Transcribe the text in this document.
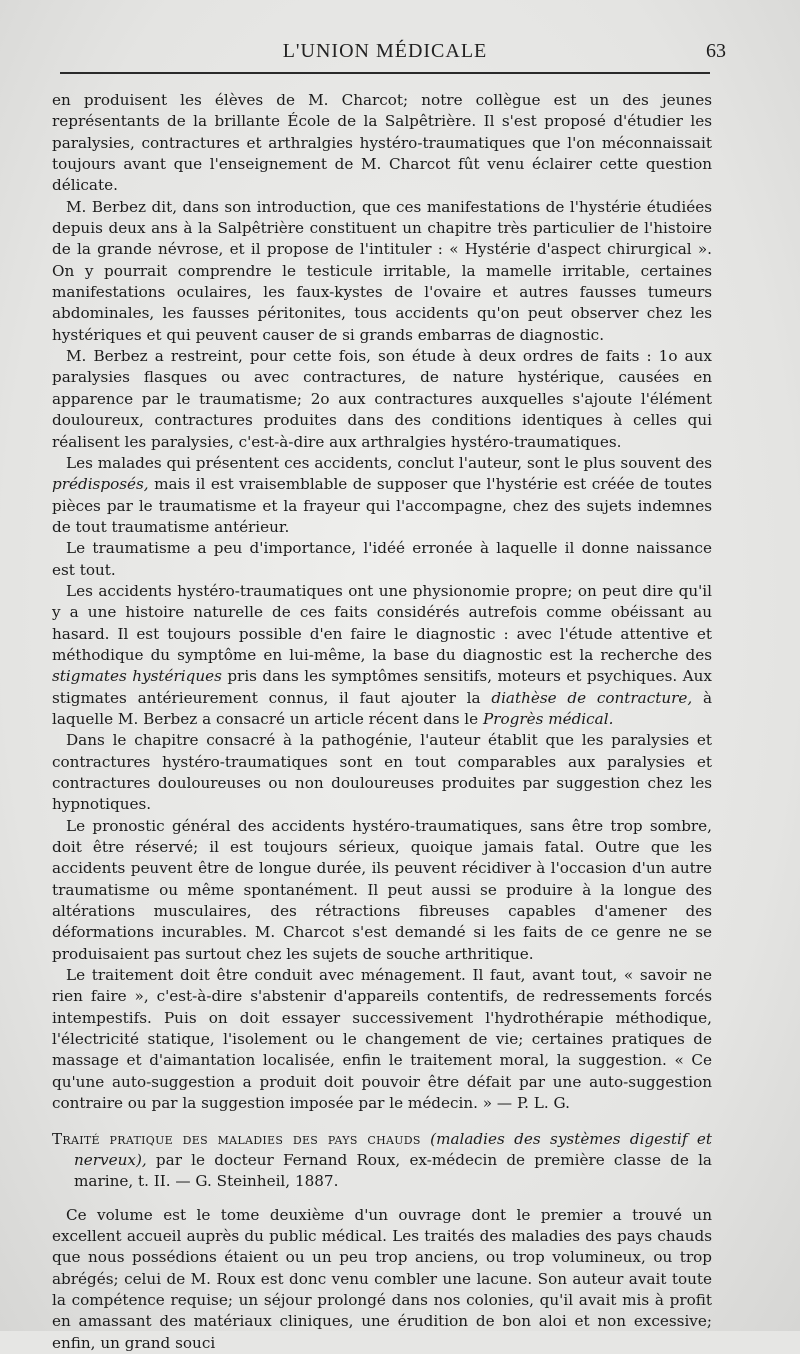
L'UNION MÉDICALE	63

en produisent les élèves de M. Charcot; notre collègue est un des jeunes représentants de la brillante École de la Salpêtrière. Il s'est proposé d'étudier les paralysies, contractures et arthralgies hystéro-traumatiques que l'on méconnaissait toujours avant que l'enseignement de M. Charcot fût venu éclairer cette question délicate.

M. Berbez dit, dans son introduction, que ces manifestations de l'hystérie étudiées depuis deux ans à la Salpêtrière constituent un chapitre très particulier de l'histoire de la grande névrose, et il propose de l'intituler : « Hystérie d'aspect chirurgical ». On y pourrait comprendre le testicule irritable, la mamelle irritable, certaines manifestations oculaires, les faux-kystes de l'ovaire et autres fausses tumeurs abdominales, les fausses péritonites, tous accidents qu'on peut observer chez les hystériques et qui peuvent causer de si grands embarras de diagnostic.

M. Berbez a restreint, pour cette fois, son étude à deux ordres de faits : 1o aux paralysies flasques ou avec contractures, de nature hystérique, causées en apparence par le traumatisme; 2o aux contractures auxquelles s'ajoute l'élément douloureux, contractures produites dans des conditions identiques à celles qui réalisent les paralysies, c'est-à-dire aux arthralgies hystéro-traumatiques.

Les malades qui présentent ces accidents, conclut l'auteur, sont le plus souvent des prédisposés, mais il est vraisemblable de supposer que l'hystérie est créée de toutes pièces par le traumatisme et la frayeur qui l'accompagne, chez des sujets indemnes de tout traumatisme antérieur.

Le traumatisme a peu d'importance, l'idéé erronée à laquelle il donne naissance est tout.

Les accidents hystéro-traumatiques ont une physionomie propre; on peut dire qu'il y a une histoire naturelle de ces faits considérés autrefois comme obéissant au hasard. Il est toujours possible d'en faire le diagnostic : avec l'étude attentive et méthodique du symptôme en lui-même, la base du diagnostic est la recherche des stigmates hystériques pris dans les symptômes sensitifs, moteurs et psychiques. Aux stigmates antérieurement connus, il faut ajouter la diathèse de contracture, à laquelle M. Berbez a consacré un article récent dans le Progrès médical.

Dans le chapitre consacré à la pathogénie, l'auteur établit que les paralysies et contractures hystéro-traumatiques sont en tout comparables aux paralysies et contractures douloureuses ou non douloureuses produites par suggestion chez les hypnotiques.

Le pronostic général des accidents hystéro-traumatiques, sans être trop sombre, doit être réservé; il est toujours sérieux, quoique jamais fatal. Outre que les accidents peuvent être de longue durée, ils peuvent récidiver à l'occasion d'un autre traumatisme ou même spontanément. Il peut aussi se produire à la longue des altérations musculaires, des rétractions fibreuses capables d'amener des déformations incurables. M. Charcot s'est demandé si les faits de ce genre ne se produisaient pas surtout chez les sujets de souche arthritique.

Le traitement doit être conduit avec ménagement. Il faut, avant tout, « savoir ne rien faire », c'est-à-dire s'abstenir d'appareils contentifs, de redressements forcés intempestifs. Puis on doit essayer successivement l'hydrothérapie méthodique, l'électricité statique, l'isolement ou le changement de vie; certaines pratiques de massage et d'aimantation localisée, enfin le traitement moral, la suggestion. « Ce qu'une auto-suggestion a produit doit pouvoir être défait par une auto-suggestion contraire ou par la suggestion imposée par le médecin. » — P. L. G.

Traité pratique des maladies des pays chauds (maladies des systèmes digestif et nerveux), par le docteur Fernand Roux, ex-médecin de première classe de la marine, t. II. — G. Steinheil, 1887.

Ce volume est le tome deuxième d'un ouvrage dont le premier a trouvé un excellent accueil auprès du public médical. Les traités des maladies des pays chauds que nous possédions étaient ou un peu trop anciens, ou trop volumineux, ou trop abrégés; celui de M. Roux est donc venu combler une lacune. Son auteur avait toute la compétence requise; un séjour prolongé dans nos colonies, qu'il avait mis à profit en amassant des matériaux cliniques, une érudition de bon aloi et non excessive; enfin, un grand souci
